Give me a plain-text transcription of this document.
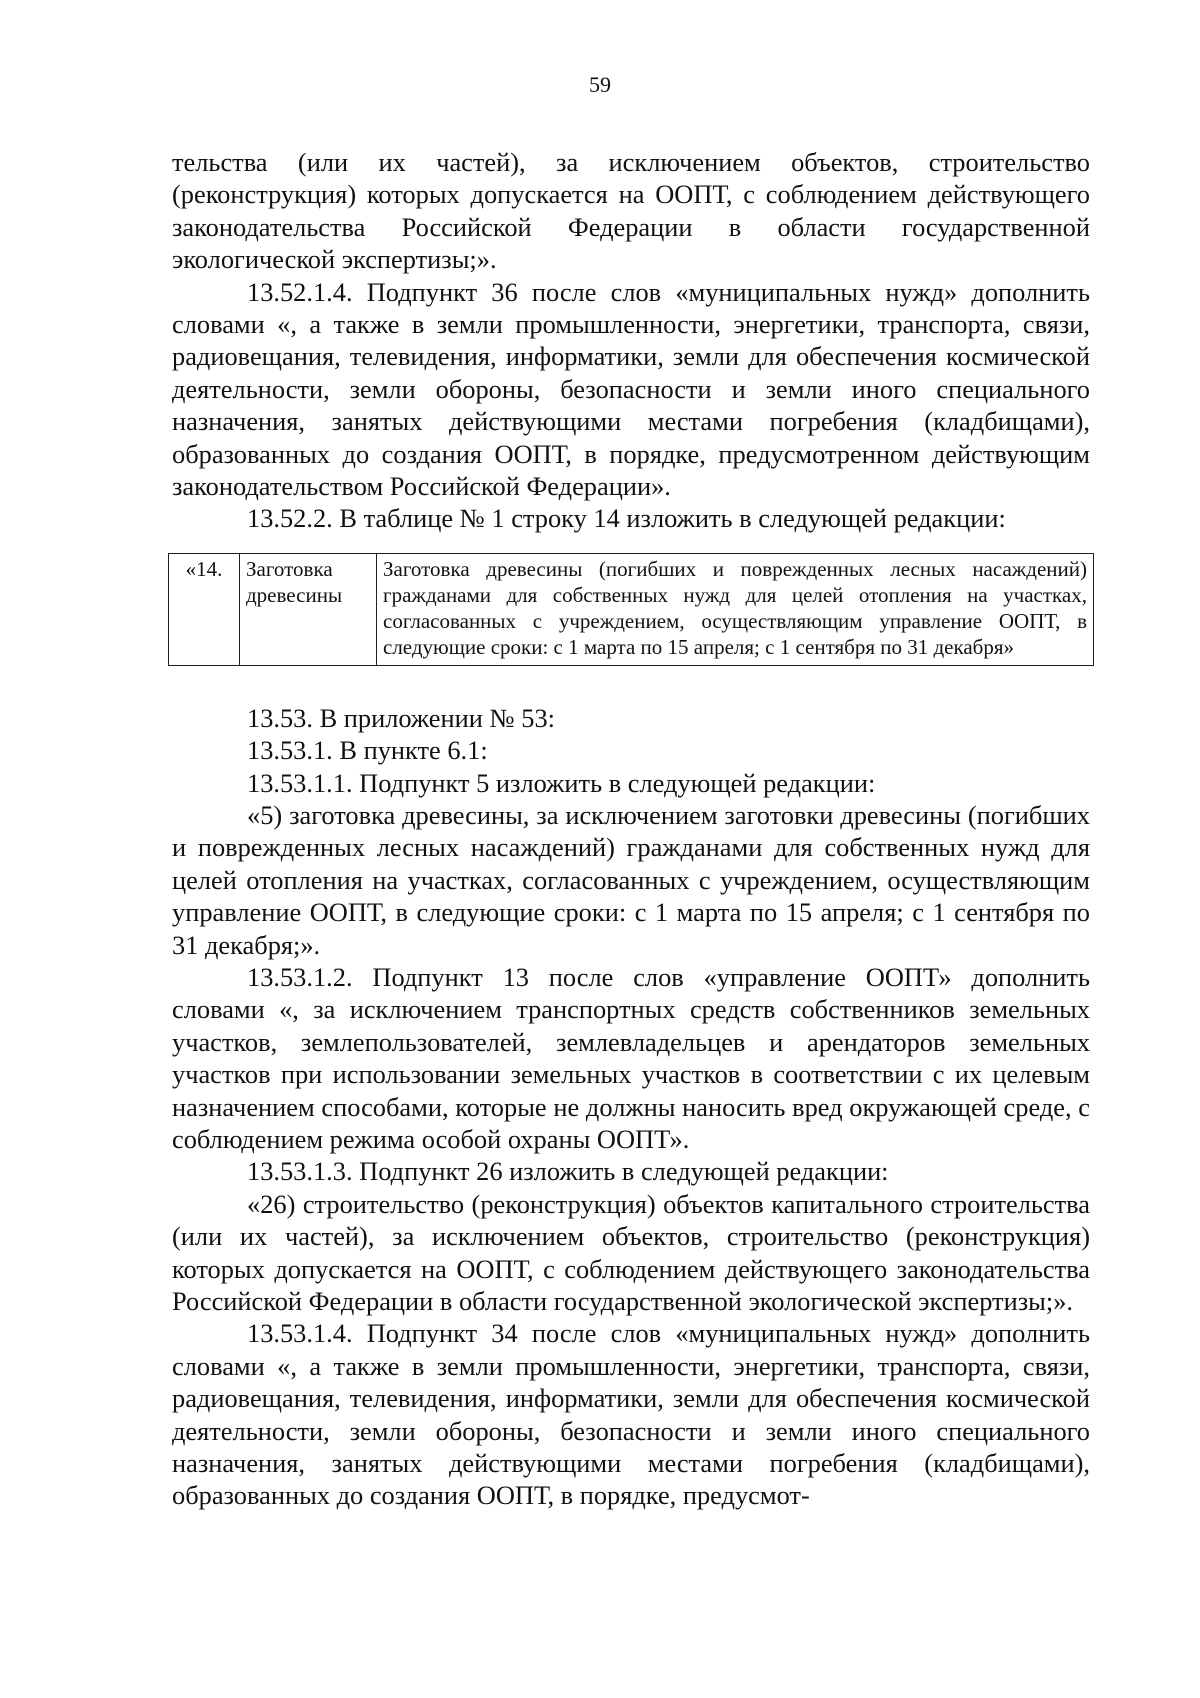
59

тельства (или их частей), за исключением объектов, строительство (реконструкция) которых допускается на ООПТ, с соблюдением действующего законодательства Российской Федерации в области государственной экологической экспертизы;».

13.52.1.4. Подпункт 36 после слов «муниципальных нужд» дополнить словами «, а также в земли промышленности, энергетики, транспорта, связи, радиовещания, телевидения, информатики, земли для обеспечения космической деятельности, земли обороны, безопасности и земли иного специального назначения, занятых действующими местами погребения (кладбищами), образованных до создания ООПТ, в порядке, предусмотренном действующим законодательством Российской Федерации».

13.52.2. В таблице № 1 строку 14 изложить в следующей редакции:

«14.	Заготовка древесины	Заготовка древесины (погибших и поврежденных лесных насаждений) гражданами для собственных нужд для целей отопления на участках, согласованных с учреждением, осуществляющим управление ООПТ, в следующие сроки: с 1 марта по 15 апреля; с 1 сентября по 31 декабря»

13.53. В приложении № 53:

13.53.1. В пункте 6.1:

13.53.1.1. Подпункт 5 изложить в следующей редакции:

«5) заготовка древесины, за исключением заготовки древесины (погибших и поврежденных лесных насаждений) гражданами для собственных нужд для целей отопления на участках, согласованных с учреждением, осуществляющим управление ООПТ, в следующие сроки: с 1 марта по 15 апреля; с 1 сентября по 31 декабря;».

13.53.1.2. Подпункт 13 после слов «управление ООПТ» дополнить словами «, за исключением транспортных средств собственников земельных участков, землепользователей, землевладельцев и арендаторов земельных участков при использовании земельных участков в соответствии с их целевым назначением способами, которые не должны наносить вред окружающей среде, с соблюдением режима особой охраны ООПТ».

13.53.1.3. Подпункт 26 изложить в следующей редакции:

«26) строительство (реконструкция) объектов капитального строительства (или их частей), за исключением объектов, строительство (реконструкция) которых допускается на ООПТ, с соблюдением действующего законодательства Российской Федерации в области государственной экологической экспертизы;».

13.53.1.4. Подпункт 34 после слов «муниципальных нужд» дополнить словами «, а также в земли промышленности, энергетики, транспорта, связи, радиовещания, телевидения, информатики, земли для обеспечения космической деятельности, земли обороны, безопасности и земли иного специального назначения, занятых действующими местами погребения (кладбищами), образованных до создания ООПТ, в порядке, предусмот-
